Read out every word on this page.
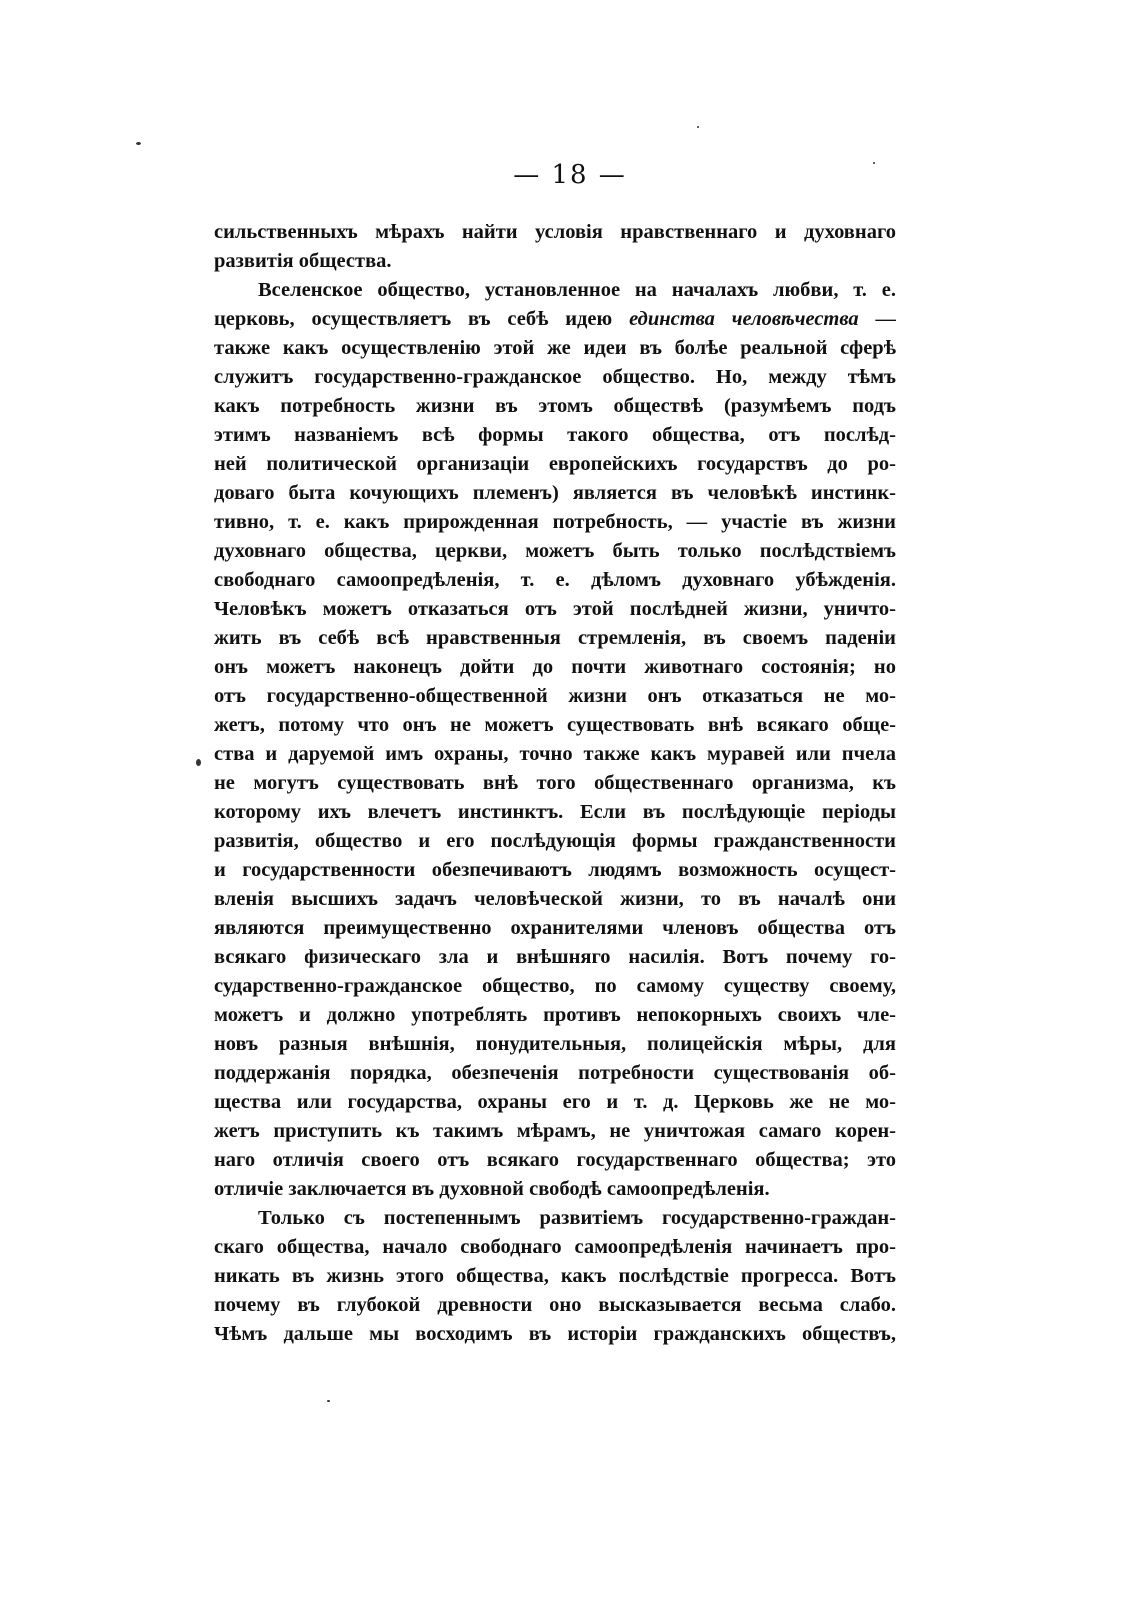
— 18 —
сильственныхъ мѣрахъ найти условія нравственнаго и духовнаго
развитія общества.
Вселенское общество, установленное на началахъ любви, т. е.
церковь, осуществляетъ въ себѣ идею единства человѣчества —
также какъ осуществленію этой же идеи въ болѣе реальной сферѣ
служитъ государственно-гражданское общество. Но, между тѣмъ
какъ потребность жизни въ этомъ обществѣ (разумѣемъ подъ
этимъ названіемъ всѣ формы такого общества, отъ послѣд-
ней политической организаціи европейскихъ государствъ до ро-
доваго быта кочующихъ племенъ) является въ человѣкѣ инстинк-
тивно, т. е. какъ прирожденная потребность, — участіе въ жизни
духовнаго общества, церкви, можетъ быть только послѣдствіемъ
свободнаго самоопредѣленія, т. е. дѣломъ духовнаго убѣжденія.
Человѣкъ можетъ отказаться отъ этой послѣдней жизни, уничто-
жить въ себѣ всѣ нравственныя стремленія, въ своемъ паденіи
онъ можетъ наконецъ дойти до почти животнаго состоянія; но
отъ государственно-общественной жизни онъ отказаться не мо-
жетъ, потому что онъ не можетъ существовать внѣ всякаго обще-
ства и даруемой имъ охраны, точно также какъ муравей или пчела
не могутъ существовать внѣ того общественнаго организма, къ
которому ихъ влечетъ инстинктъ. Если въ послѣдующіе періоды
развитія, общество и его послѣдующія формы гражданственности
и государственности обезпечиваютъ людямъ возможность осущест-
вленія высшихъ задачъ человѣческой жизни, то въ началѣ они
являются преимущественно охранителями членовъ общества отъ
всякаго физическаго зла и внѣшняго насилія. Вотъ почему го-
сударственно-гражданское общество, по самому существу своему,
можетъ и должно употреблять противъ непокорныхъ своихъ чле-
новъ разныя внѣшнія, понудительныя, полицейскія мѣры, для
поддержанія порядка, обезпеченія потребности существованія об-
щества или государства, охраны его и т. д. Церковь же не мо-
жетъ приступить къ такимъ мѣрамъ, не уничтожая самаго корен-
наго отличія своего отъ всякаго государственнаго общества; это
отличіе заключается въ духовной свободѣ самоопредѣленія.
Только съ постепеннымъ развитіемъ государственно-граждан-
скаго общества, начало свободнаго самоопредѣленія начинаетъ про-
никать въ жизнь этого общества, какъ послѣдствіе прогресса. Вотъ
почему въ глубокой древности оно высказывается весьма слабо.
Чѣмъ дальше мы восходимъ въ исторіи гражданскихъ обществъ,
